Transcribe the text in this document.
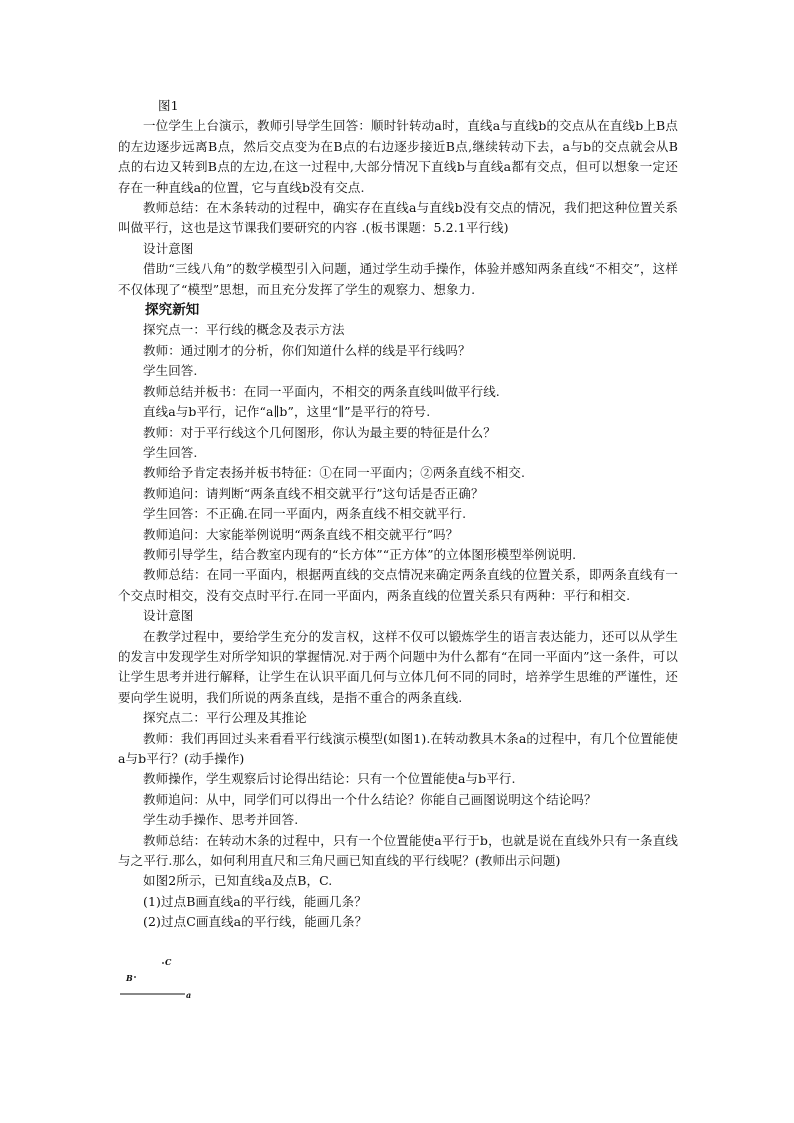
图1

一位学生上台演示，教师引导学生回答：顺时针转动a时，直线a与直线b的交点从在直线b上B点的左边逐步远离B点，然后交点变为在B点的右边逐步接近B点,继续转动下去，a与b的交点就会从B点的右边又转到B点的左边,在这一过程中,大部分情况下直线b与直线a都有交点，但可以想象一定还存在一种直线a的位置，它与直线b没有交点.

教师总结：在木条转动的过程中，确实存在直线a与直线b没有交点的情况，我们把这种位置关系叫做平行，这也是这节课我们要研究的内容 .(板书课题：5.2.1平行线)

设计意图

借助“三线八角”的数学模型引入问题，通过学生动手操作，体验并感知两条直线“不相交”，这样不仅体现了“模型”思想，而且充分发挥了学生的观察力、想象力.

探究新知

探究点一：平行线的概念及表示方法

教师：通过刚才的分析，你们知道什么样的线是平行线吗？

学生回答.

教师总结并板书：在同一平面内，不相交的两条直线叫做平行线.

直线a与b平行，记作“a∥b”，这里“∥”是平行的符号.

教师：对于平行线这个几何图形，你认为最主要的特征是什么？

学生回答.

教师给予肯定表扬并板书特征：①在同一平面内；②两条直线不相交.

教师追问：请判断“两条直线不相交就平行”这句话是否正确？

学生回答：不正确.在同一平面内，两条直线不相交就平行.

教师追问：大家能举例说明“两条直线不相交就平行”吗？

教师引导学生，结合教室内现有的“长方体”“正方体”的立体图形模型举例说明.

教师总结：在同一平面内，根据两直线的交点情况来确定两条直线的位置关系，即两条直线有一个交点时相交，没有交点时平行.在同一平面内，两条直线的位置关系只有两种：平行和相交.

设计意图

在教学过程中，要给学生充分的发言权，这样不仅可以锻炼学生的语言表达能力，还可以从学生的发言中发现学生对所学知识的掌握情况.对于两个问题中为什么都有“在同一平面内”这一条件，可以让学生思考并进行解释，让学生在认识平面几何与立体几何不同的同时，培养学生思维的严谨性，还要向学生说明，我们所说的两条直线，是指不重合的两条直线.

探究点二：平行公理及其推论

教师：我们再回过头来看看平行线演示模型(如图1).在转动教具木条a的过程中，有几个位置能使a与b平行？(动手操作)

教师操作，学生观察后讨论得出结论：只有一个位置能使a与b平行.

教师追问：从中，同学们可以得出一个什么结论？你能自己画图说明这个结论吗？

学生动手操作、思考并回答.

教师总结：在转动木条的过程中，只有一个位置能使a平行于b，也就是说在直线外只有一条直线与之平行.那么，如何利用直尺和三角尺画已知直线的平行线呢？(教师出示问题)

如图2所示，已知直线a及点B，C.

(1)过点B画直线a的平行线，能画几条？

(2)过点C画直线a的平行线，能画几条？

C
B
a
